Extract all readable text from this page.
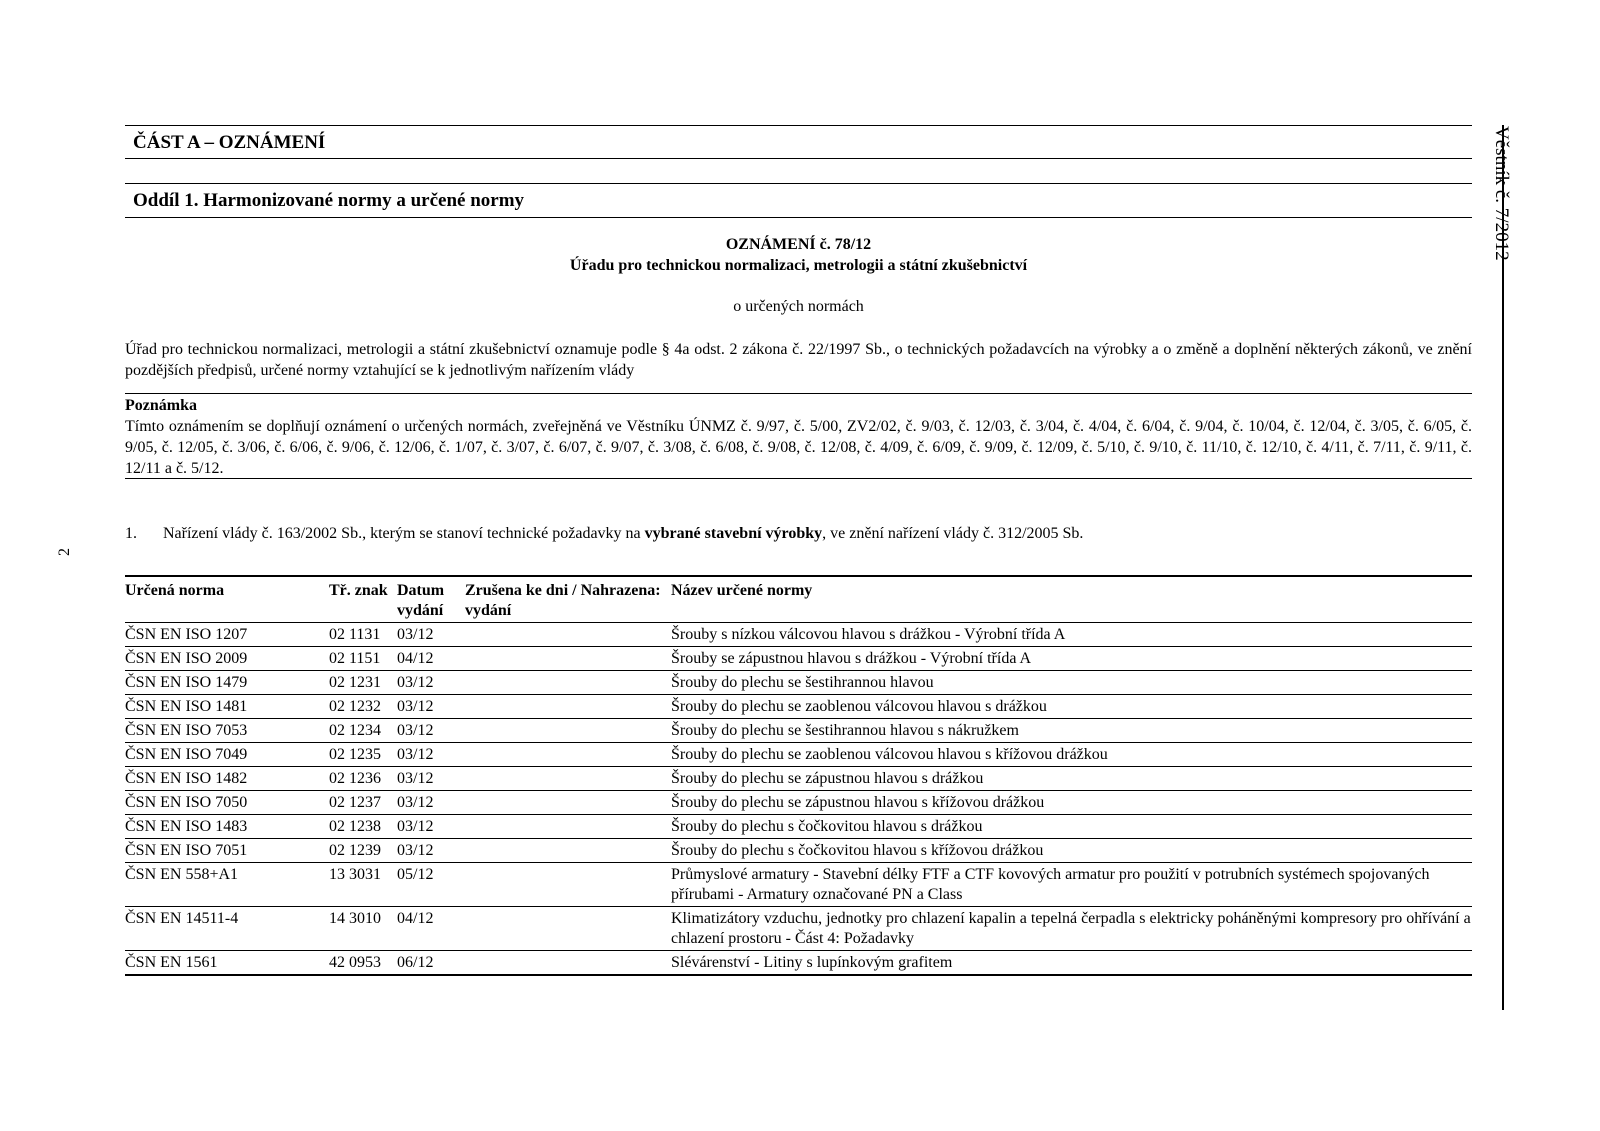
ČÁST A – OZNÁMENÍ
Oddíl 1. Harmonizované normy a určené normy
OZNÁMENÍ č. 78/12
Úřadu pro technickou normalizaci, metrologii a státní zkušebnictví
o určených normách
Úřad pro technickou normalizaci, metrologii a státní zkušebnictví oznamuje podle § 4a odst. 2 zákona č. 22/1997 Sb., o technických požadavcích na výrobky a o změně a doplnění některých zákonů, ve znění pozdějších předpisů, určené normy vztahující se k jednotlivým nařízením vlády
Poznámka
Tímto oznámením se doplňují oznámení o určených normách, zveřejněná ve Věstníku ÚNMZ č. 9/97, č. 5/00, ZV2/02, č. 9/03, č. 12/03, č. 3/04, č. 4/04, č. 6/04, č. 9/04, č. 10/04, č. 12/04, č. 3/05, č. 6/05, č. 9/05, č. 12/05, č. 3/06, č. 6/06, č. 9/06, č. 12/06, č. 1/07, č. 3/07, č. 6/07, č. 9/07, č. 3/08, č. 6/08, č. 9/08, č. 12/08, č. 4/09, č. 6/09, č. 9/09, č. 12/09, č. 5/10, č. 9/10, č. 11/10, č. 12/10, č. 4/11, č. 7/11, č. 9/11, č. 12/11 a č. 5/12.
1. Nařízení vlády č. 163/2002 Sb., kterým se stanoví technické požadavky na vybrané stavební výrobky, ve znění nařízení vlády č. 312/2005 Sb.
Určená norma	Tř. znak	Datum vydání	Zrušena ke dni / Nahrazena: vydání	Název určené normy
ČSN EN ISO 1207	02 1131	03/12		Šrouby s nízkou válcovou hlavou s drážkou - Výrobní třída A
ČSN EN ISO 2009	02 1151	04/12		Šrouby se zápustnou hlavou s drážkou - Výrobní třída A
ČSN EN ISO 1479	02 1231	03/12		Šrouby do plechu se šestihrannou hlavou
ČSN EN ISO 1481	02 1232	03/12		Šrouby do plechu se zaoblenou válcovou hlavou s drážkou
ČSN EN ISO 7053	02 1234	03/12		Šrouby do plechu se šestihrannou hlavou s nákružkem
ČSN EN ISO 7049	02 1235	03/12		Šrouby do plechu se zaoblenou válcovou hlavou s křížovou drážkou
ČSN EN ISO 1482	02 1236	03/12		Šrouby do plechu se zápustnou hlavou s drážkou
ČSN EN ISO 7050	02 1237	03/12		Šrouby do plechu se zápustnou hlavou s křížovou drážkou
ČSN EN ISO 1483	02 1238	03/12		Šrouby do plechu s čočkovitou hlavou s drážkou
ČSN EN ISO 7051	02 1239	03/12		Šrouby do plechu s čočkovitou hlavou s křížovou drážkou
ČSN EN 558+A1	13 3031	05/12		Průmyslové armatury - Stavební délky FTF a CTF kovových armatur pro použití v potrubních systémech spojovaných přírubami - Armatury označované PN a Class
ČSN EN 14511-4	14 3010	04/12		Klimatizátory vzduchu, jednotky pro chlazení kapalin a tepelná čerpadla s elektricky poháněnými kompresory pro ohřívání a chlazení prostoru - Část 4: Požadavky
ČSN EN 1561	42 0953	06/12		Slévárenství - Litiny s lupínkovým grafitem
Věstník č. 7/2012
2
